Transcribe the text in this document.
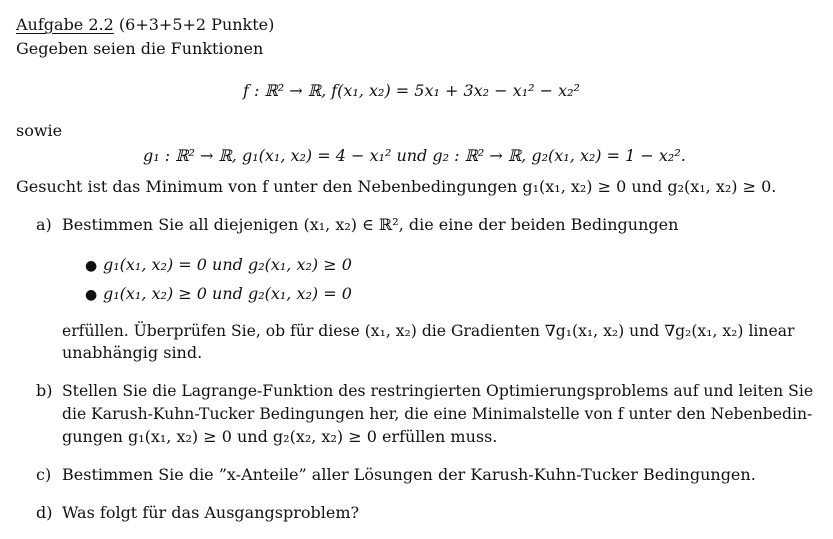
Aufgabe 2.2 (6+3+5+2 Punkte)
Gegeben seien die Funktionen
f : ℝ² → ℝ, f(x₁, x₂) = 5x₁ + 3x₂ − x₁² − x₂²
sowie
g₁ : ℝ² → ℝ, g₁(x₁, x₂) = 4 − x₁² und g₂ : ℝ² → ℝ, g₂(x₁, x₂) = 1 − x₂².
Gesucht ist das Minimum von f unter den Nebenbedingungen g₁(x₁, x₂) ≥ 0 und g₂(x₁, x₂) ≥ 0.
a) Bestimmen Sie all diejenigen (x₁, x₂) ∈ ℝ², die eine der beiden Bedingungen
● g₁(x₁, x₂) = 0 und g₂(x₁, x₂) ≥ 0
● g₁(x₁, x₂) ≥ 0 und g₂(x₁, x₂) = 0
erfüllen. Überprüfen Sie, ob für diese (x₁, x₂) die Gradienten ∇g₁(x₁, x₂) und ∇g₂(x₁, x₂) linear
unabhängig sind.
b) Stellen Sie die Lagrange-Funktion des restringierten Optimierungsproblems auf und leiten Sie
die Karush-Kuhn-Tucker Bedingungen her, die eine Minimalstelle von f unter den Nebenbedin-
gungen g₁(x₁, x₂) ≥ 0 und g₂(x₂, x₂) ≥ 0 erfüllen muss.
c) Bestimmen Sie die ”x-Anteile” aller Lösungen der Karush-Kuhn-Tucker Bedingungen.
d) Was folgt für das Ausgangsproblem?
